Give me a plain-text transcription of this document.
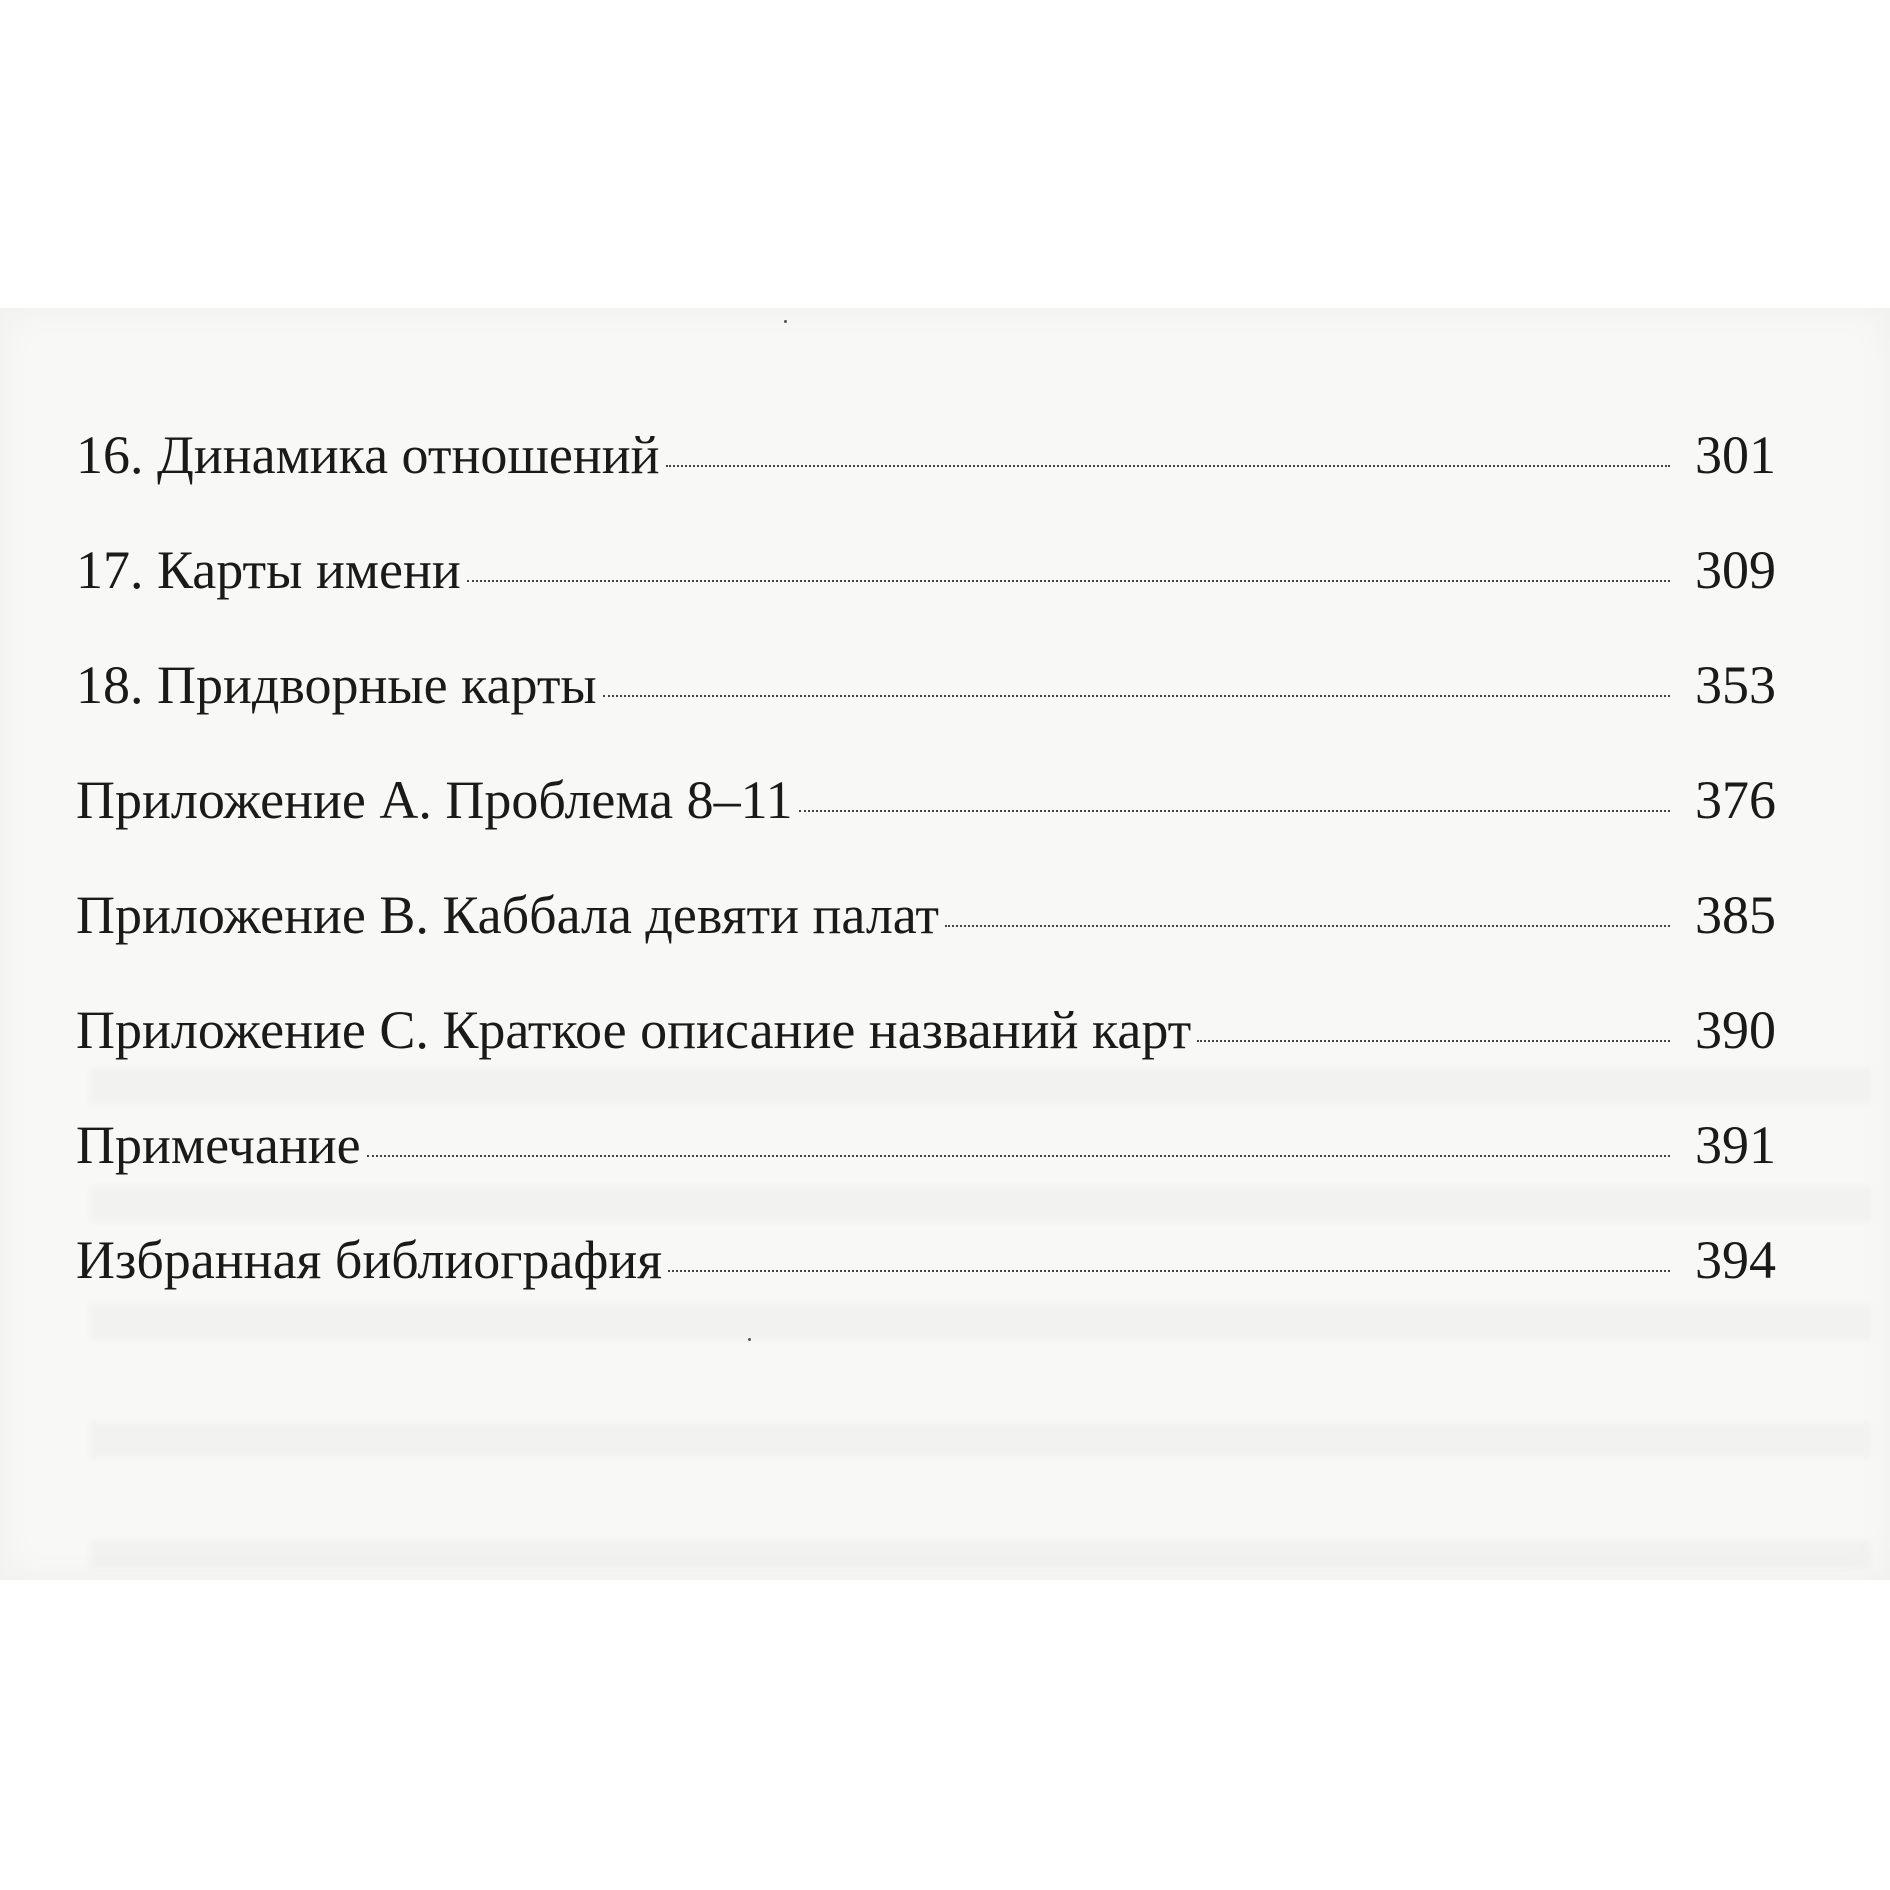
16. Динамика отношений	301
17. Карты имени	309
18. Придворные карты	353
Приложение А. Проблема 8–11	376
Приложение В. Каббала девяти палат	385
Приложение С. Краткое описание названий карт	390
Примечание	391
Избранная библиография	394
